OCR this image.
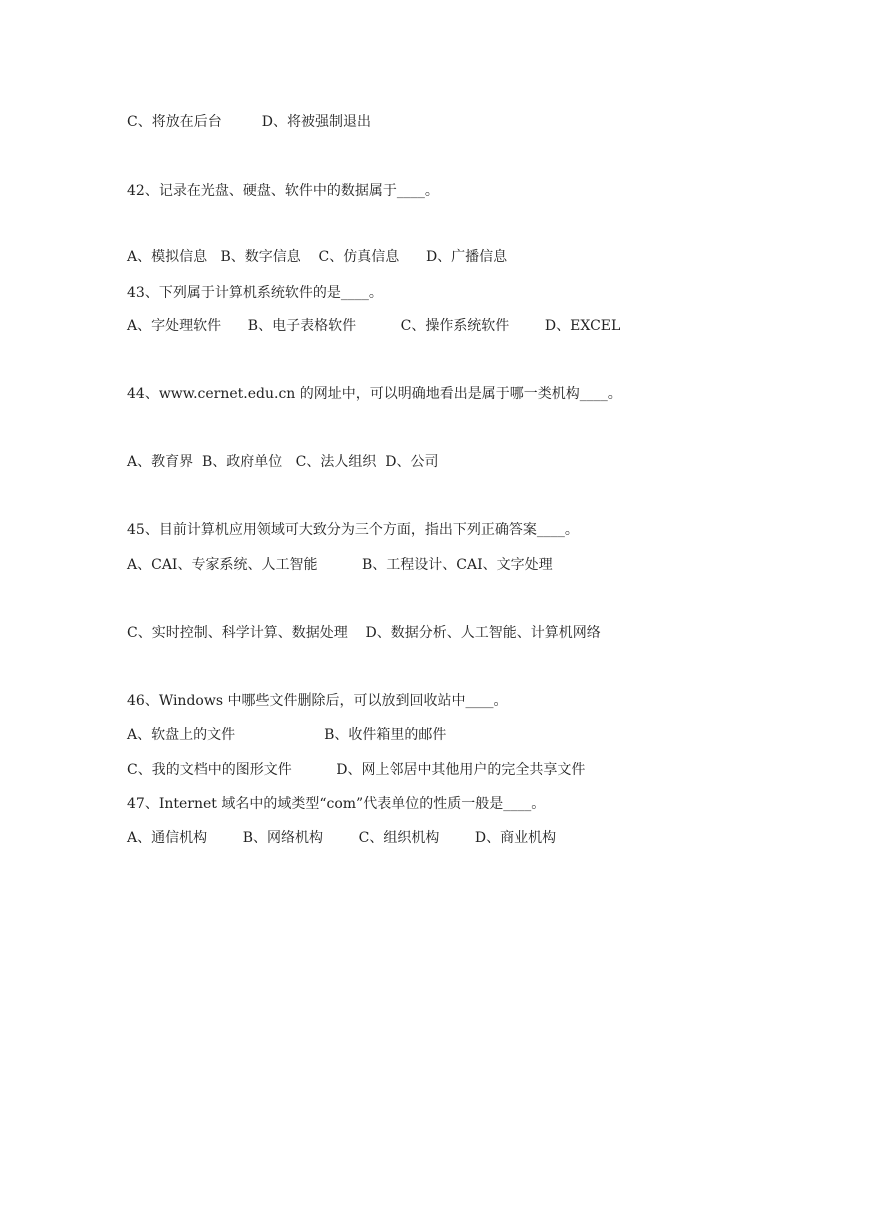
C、将放在后台         D、将被强制退出
42、记录在光盘、硬盘、软件中的数据属于____。
A、模拟信息   B、数字信息    C、仿真信息      D、广播信息
43、下列属于计算机系统软件的是____。
A、字处理软件      B、电子表格软件          C、操作系统软件        D、EXCEL
44、www.cernet.edu.cn 的网址中，可以明确地看出是属于哪一类机构____。
A、教育界  B、政府单位   C、法人组织  D、公司
45、目前计算机应用领域可大致分为三个方面，指出下列正确答案____。
A、CAI、专家系统、人工智能          B、工程设计、CAI、文字处理
C、实时控制、科学计算、数据处理    D、数据分析、人工智能、计算机网络
46、Windows 中哪些文件删除后，可以放到回收站中____。
A、软盘上的文件                    B、收件箱里的邮件
C、我的文档中的图形文件          D、网上邻居中其他用户的完全共享文件
47、Internet 域名中的域类型“com”代表单位的性质一般是____。
A、通信机构        B、网络机构        C、组织机构        D、商业机构
